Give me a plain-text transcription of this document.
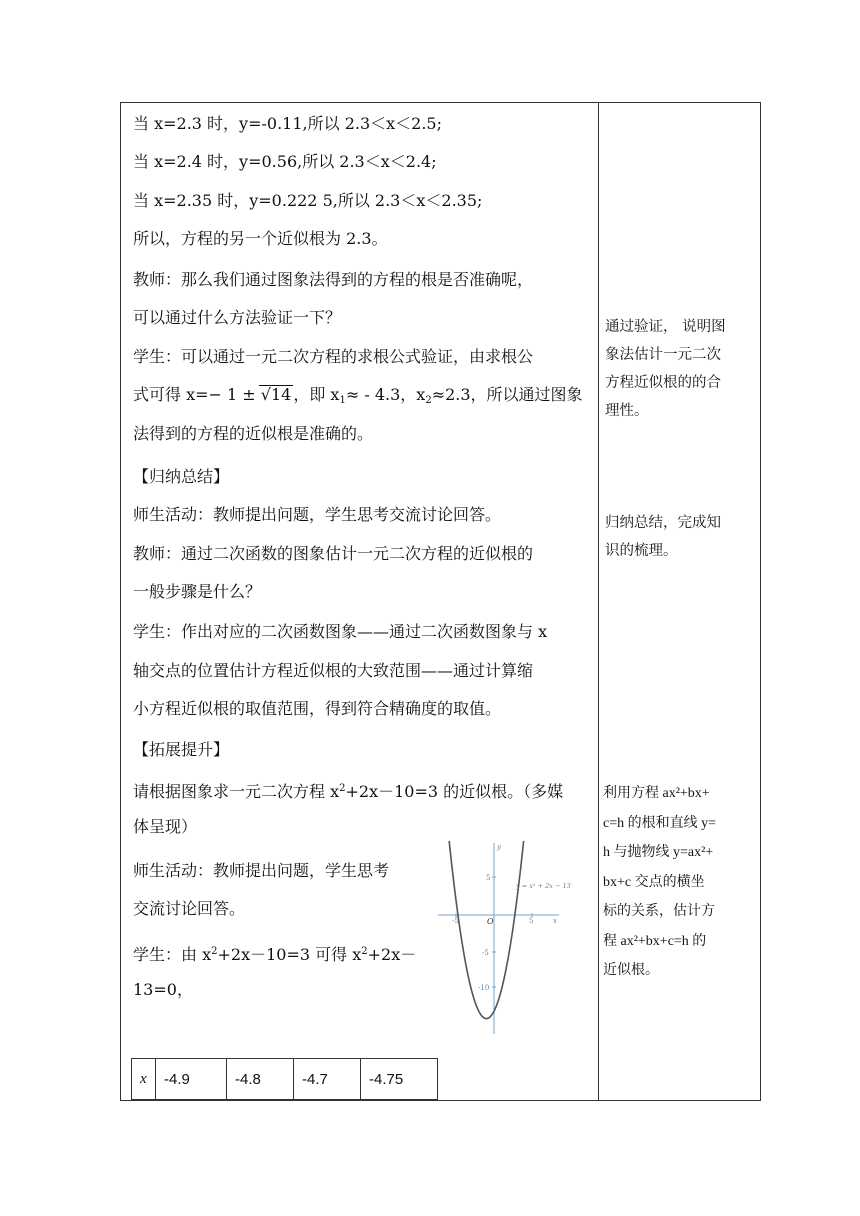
当 x=2.3 时，y=-0.11,所以 2.3＜x＜2.5;
当 x=2.4 时，y=0.56,所以 2.3＜x＜2.4;
当 x=2.35 时，y=0.222 5,所以 2.3＜x＜2.35;
所以，方程的另一个近似根为 2.3。
教师：那么我们通过图象法得到的方程的根是否准确呢，
可以通过什么方法验证一下？
学生：可以通过一元二次方程的求根公式验证，由求根公
式可得 x=− 1 ± √14 ，即 $x_1\approx - 4.3$，$x_2\approx 2.3$，所以通过图象
法得到的方程的近似根是准确的。
【归纳总结】
师生活动：教师提出问题，学生思考交流讨论回答。
教师：通过二次函数的图象估计一元二次方程的近似根的
一般步骤是什么？
学生：作出对应的二次函数图象——通过二次函数图象与 x
轴交点的位置估计方程近似根的大致范围——通过计算缩
小方程近似根的取值范围，得到符合精确度的取值。
【拓展提升】
请根据图象求一元二次方程 $x^2+2x-10=3$ 的近似根。（多媒
体呈现）
师生活动：教师提出问题，学生思考
交流讨论回答。
学生：由 $x^2+2x-10=3$ 可得 $x^2+2x-$
13=0，
-5	5
5
-5
-10
O	x
y
y = x² + 2x − 13
x	-4.9	-4.8	-4.7	-4.75
通过验证， 说明图
象法估计一元二次
方程近似根的的合
理性。
归纳总结，完成知
识的梳理。
利用方程 ax²+bx+
c=h 的根和直线 y=
h 与抛物线 y=ax²+
bx+c 交点的横坐
标的关系，估计方
程 ax²+bx+c=h 的
近似根。
